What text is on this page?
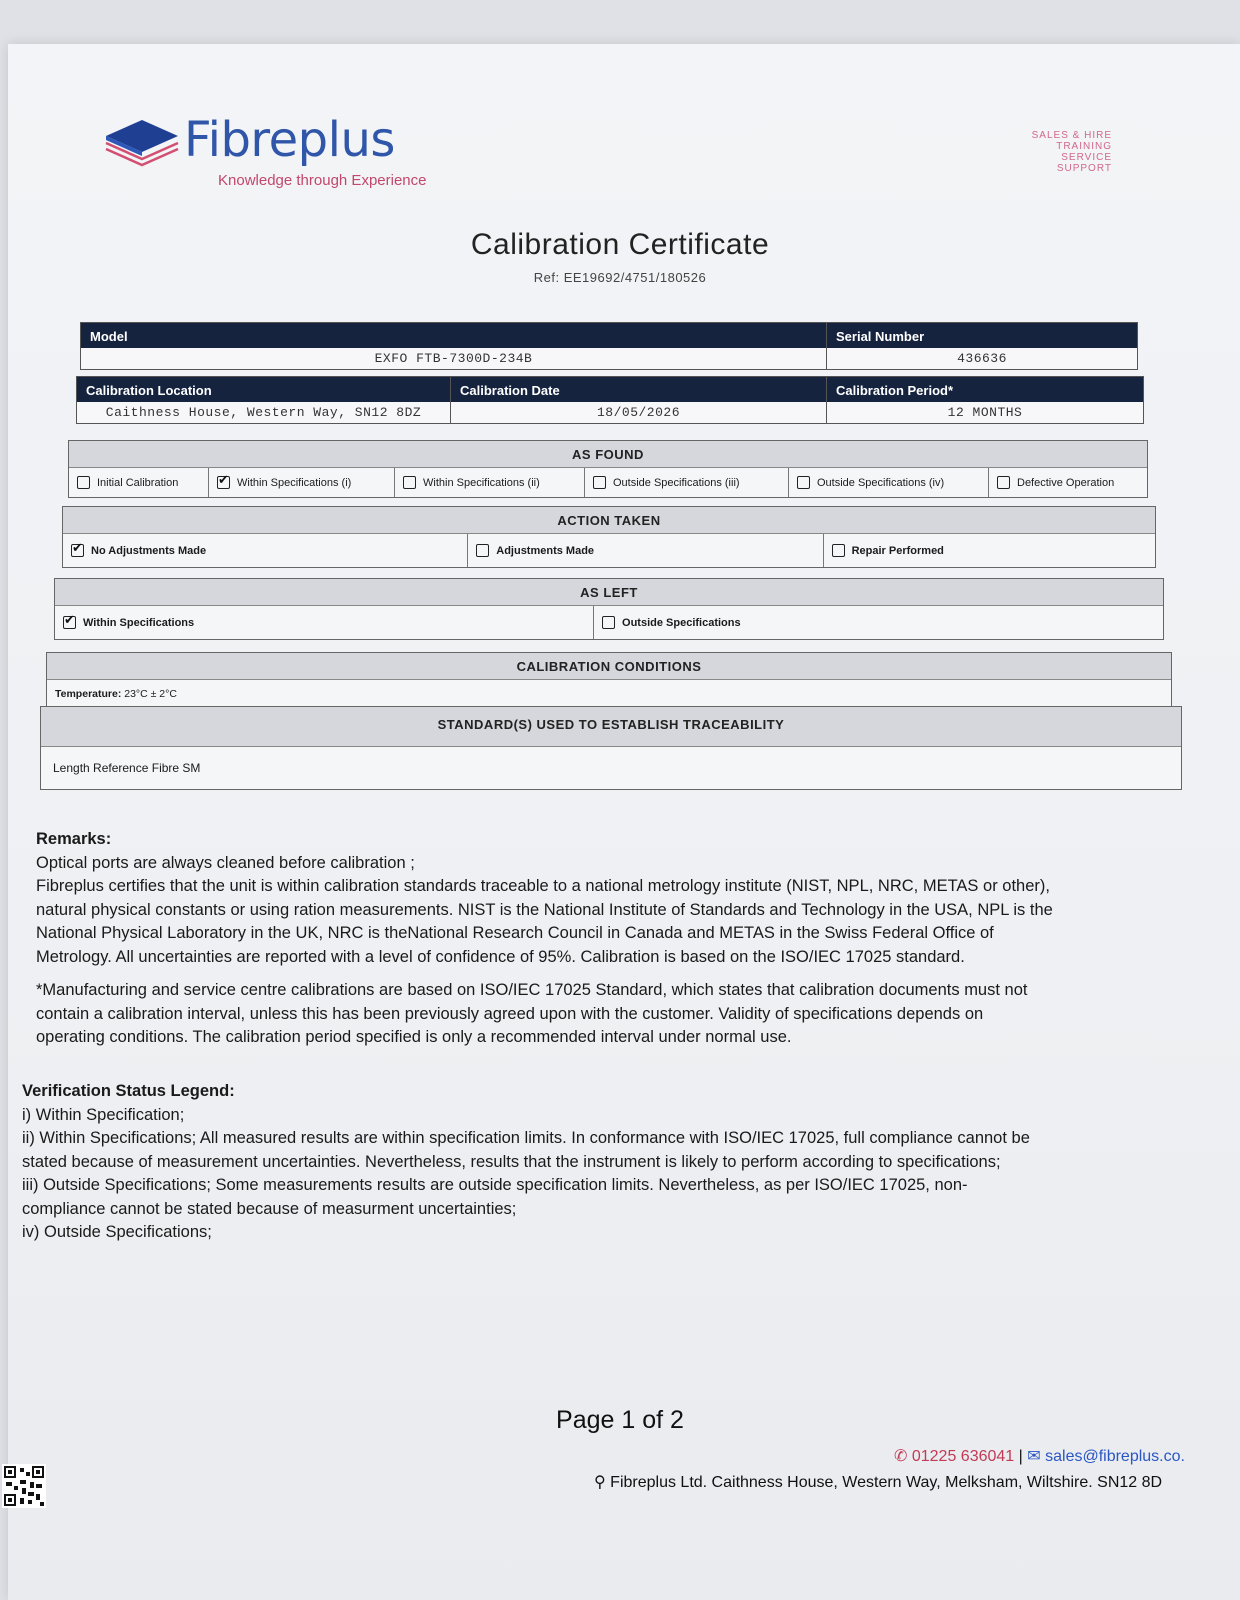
Fibreplus
Knowledge through Experience
SALES & HIRE
TRAINING
SERVICE
SUPPORT
Calibration Certificate
Ref: EE19692/4751/180526
Model
EXFO FTB-7300D-234B
Serial Number
436636
Calibration Location
Caithness House, Western Way, SN12 8DZ
Calibration Date
18/05/2026
Calibration Period*
12 MONTHS
AS FOUND
Initial Calibration
✔	Within Specifications (i)	Within Specifications (ii)	Outside Specifications (iii)	Outside Specifications (iv)	Defective Operation
ACTION TAKEN
✔
No Adjustments Made	Adjustments Made	Repair Performed
AS LEFT
✔
Within Specifications	Outside Specifications
CALIBRATION CONDITIONS
Temperature: 23°C ± 2°C
STANDARD(S) USED TO ESTABLISH TRACEABILITY
Length Reference Fibre SM

Remarks:

Optical ports are always cleaned before calibration ;

Fibreplus certifies that the unit is within calibration standards traceable to a national metrology institute (NIST, NPL, NRC, METAS or other),

natural physical constants or using ration measurements. NIST is the National Institute of Standards and Technology in the USA, NPL is the

National Physical Laboratory in the UK, NRC is theNational Research Council in Canada and METAS in the Swiss Federal Office of

Metrology. All uncertainties are reported with a level of confidence of 95%. Calibration is based on the ISO/IEC 17025 standard.

*Manufacturing and service centre calibrations are based on ISO/IEC 17025 Standard, which states that calibration documents must not

contain a calibration interval, unless this has been previously agreed upon with the customer. Validity of specifications depends on

operating conditions. The calibration period specified is only a recommended interval under normal use.

Verification Status Legend:

i) Within Specification;

ii) Within Specifications; All measured results are within specification limits. In conformance with ISO/IEC 17025, full compliance cannot be

stated because of measurement uncertainties. Nevertheless, results that the instrument is likely to perform according to specifications;

iii) Outside Specifications; Some measurements results are outside specification limits. Nevertheless, as per ISO/IEC 17025, non-

compliance cannot be stated because of measurment uncertainties;

iv) Outside Specifications;

Page 1 of 2
✆ 01225 636041 | ✉ sales@fibreplus.co.
⚲ Fibreplus Ltd. Caithness House, Western Way, Melksham, Wiltshire. SN12 8D
